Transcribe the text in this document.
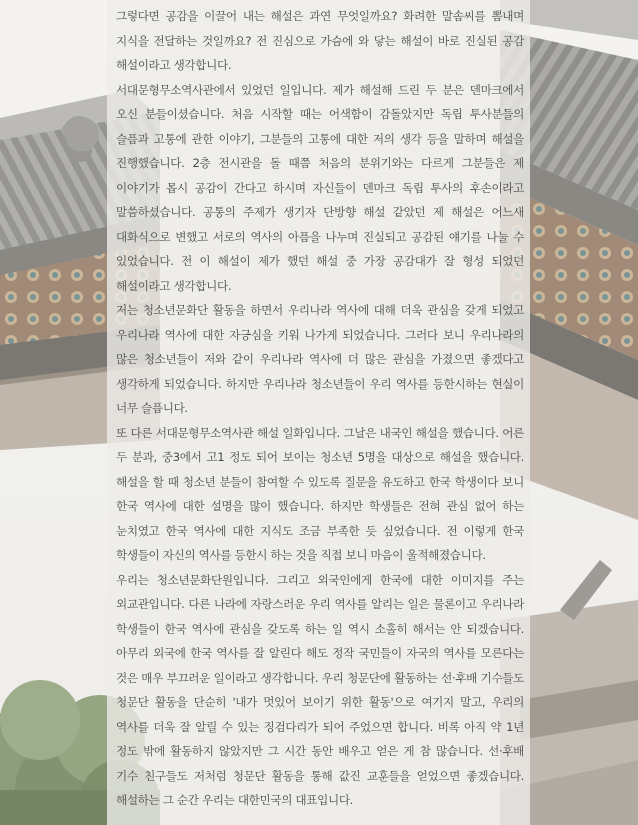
그렇다면 공감을 이끌어 내는 해설은 과연 무엇일까요? 화려한 말솜씨를 뽐내며 지식을 전달하는 것일까요? 전 진심으로 가슴에 와 닿는 해설이 바로 진실된 공감 해설이라고 생각합니다.

서대문형무소역사관에서 있었던 일입니다. 제가 해설해 드린 두 분은 덴마크에서 오신 분들이셨습니다. 처음 시작할 때는 어색함이 감돌았지만 독립 투사분들의 슬픔과 고통에 관한 이야기, 그분들의 고통에 대한 저의 생각 등을 말하며 해설을 진행했습니다. 2층 전시관을 돌 때쯤 처음의 분위기와는 다르게 그분들은 제 이야기가 몹시 공감이 간다고 하시며 자신들이 덴마크 독립 투사의 후손이라고 말씀하셨습니다. 공통의 주제가 생기자 단방향 해설 같았던 제 해설은 어느새 대화식으로 변했고 서로의 역사의 아픔을 나누며 진실되고 공감된 얘기를 나눌 수 있었습니다. 전 이 해설이 제가 했던 해설 중 가장 공감대가 잘 형성 되었던 해설이라고 생각합니다.

저는 청소년문화단 활동을 하면서 우리나라 역사에 대해 더욱 관심을 갖게 되었고 우리나라 역사에 대한 자긍심을 키워 나가게 되었습니다. 그러다 보니 우리나라의 많은 청소년들이 저와 같이 우리나라 역사에 더 많은 관심을 가졌으면 좋겠다고 생각하게 되었습니다. 하지만 우리나라 청소년들이 우리 역사를 등한시하는 현실이 너무 슬픕니다.

또 다른 서대문형무소역사관 해설 일화입니다. 그날은 내국인 해설을 했습니다. 어른 두 분과, 중3에서 고1 정도 되어 보이는 청소년 5명을 대상으로 해설을 했습니다. 해설을 할 때 청소년 분들이 참여할 수 있도록 질문을 유도하고 한국 학생이다 보니 한국 역사에 대한 설명을 많이 했습니다. 하지만 학생들은 전혀 관심 없어 하는 눈치였고 한국 역사에 대한 지식도 조금 부족한 듯 싶었습니다. 전 이렇게 한국 학생들이 자신의 역사를 등한시 하는 것을 직접 보니 마음이 울적해졌습니다.

우리는 청소년문화단원입니다. 그리고 외국인에게 한국에 대한 이미지를 주는 외교관입니다. 다른 나라에 자랑스러운 우리 역사를 알리는 일은 물론이고 우리나라 학생들이 한국 역사에 관심을 갖도록 하는 일 역시 소홀히 해서는 안 되겠습니다. 아무리 외국에 한국 역사를 잘 알린다 해도 정작 국민들이 자국의 역사를 모른다는 것은 매우 부끄러운 일이라고 생각합니다. 우리 청문단에 활동하는 선·후배 기수들도 청문단 활동을 단순히 '내가 멋있어 보이기 위한 활동'으로 여기지 말고, 우리의 역사를 더욱 잘 알릴 수 있는 징검다리가 되어 주었으면 합니다. 비록 아직 약 1년 정도 밖에 활동하지 않았지만 그 시간 동안 배우고 얻은 게 참 많습니다. 선·후배 기수 친구들도 저처럼 청문단 활동을 통해 값진 교훈들을 얻었으면 좋겠습니다. 해설하는 그 순간 우리는 대한민국의 대표입니다.
